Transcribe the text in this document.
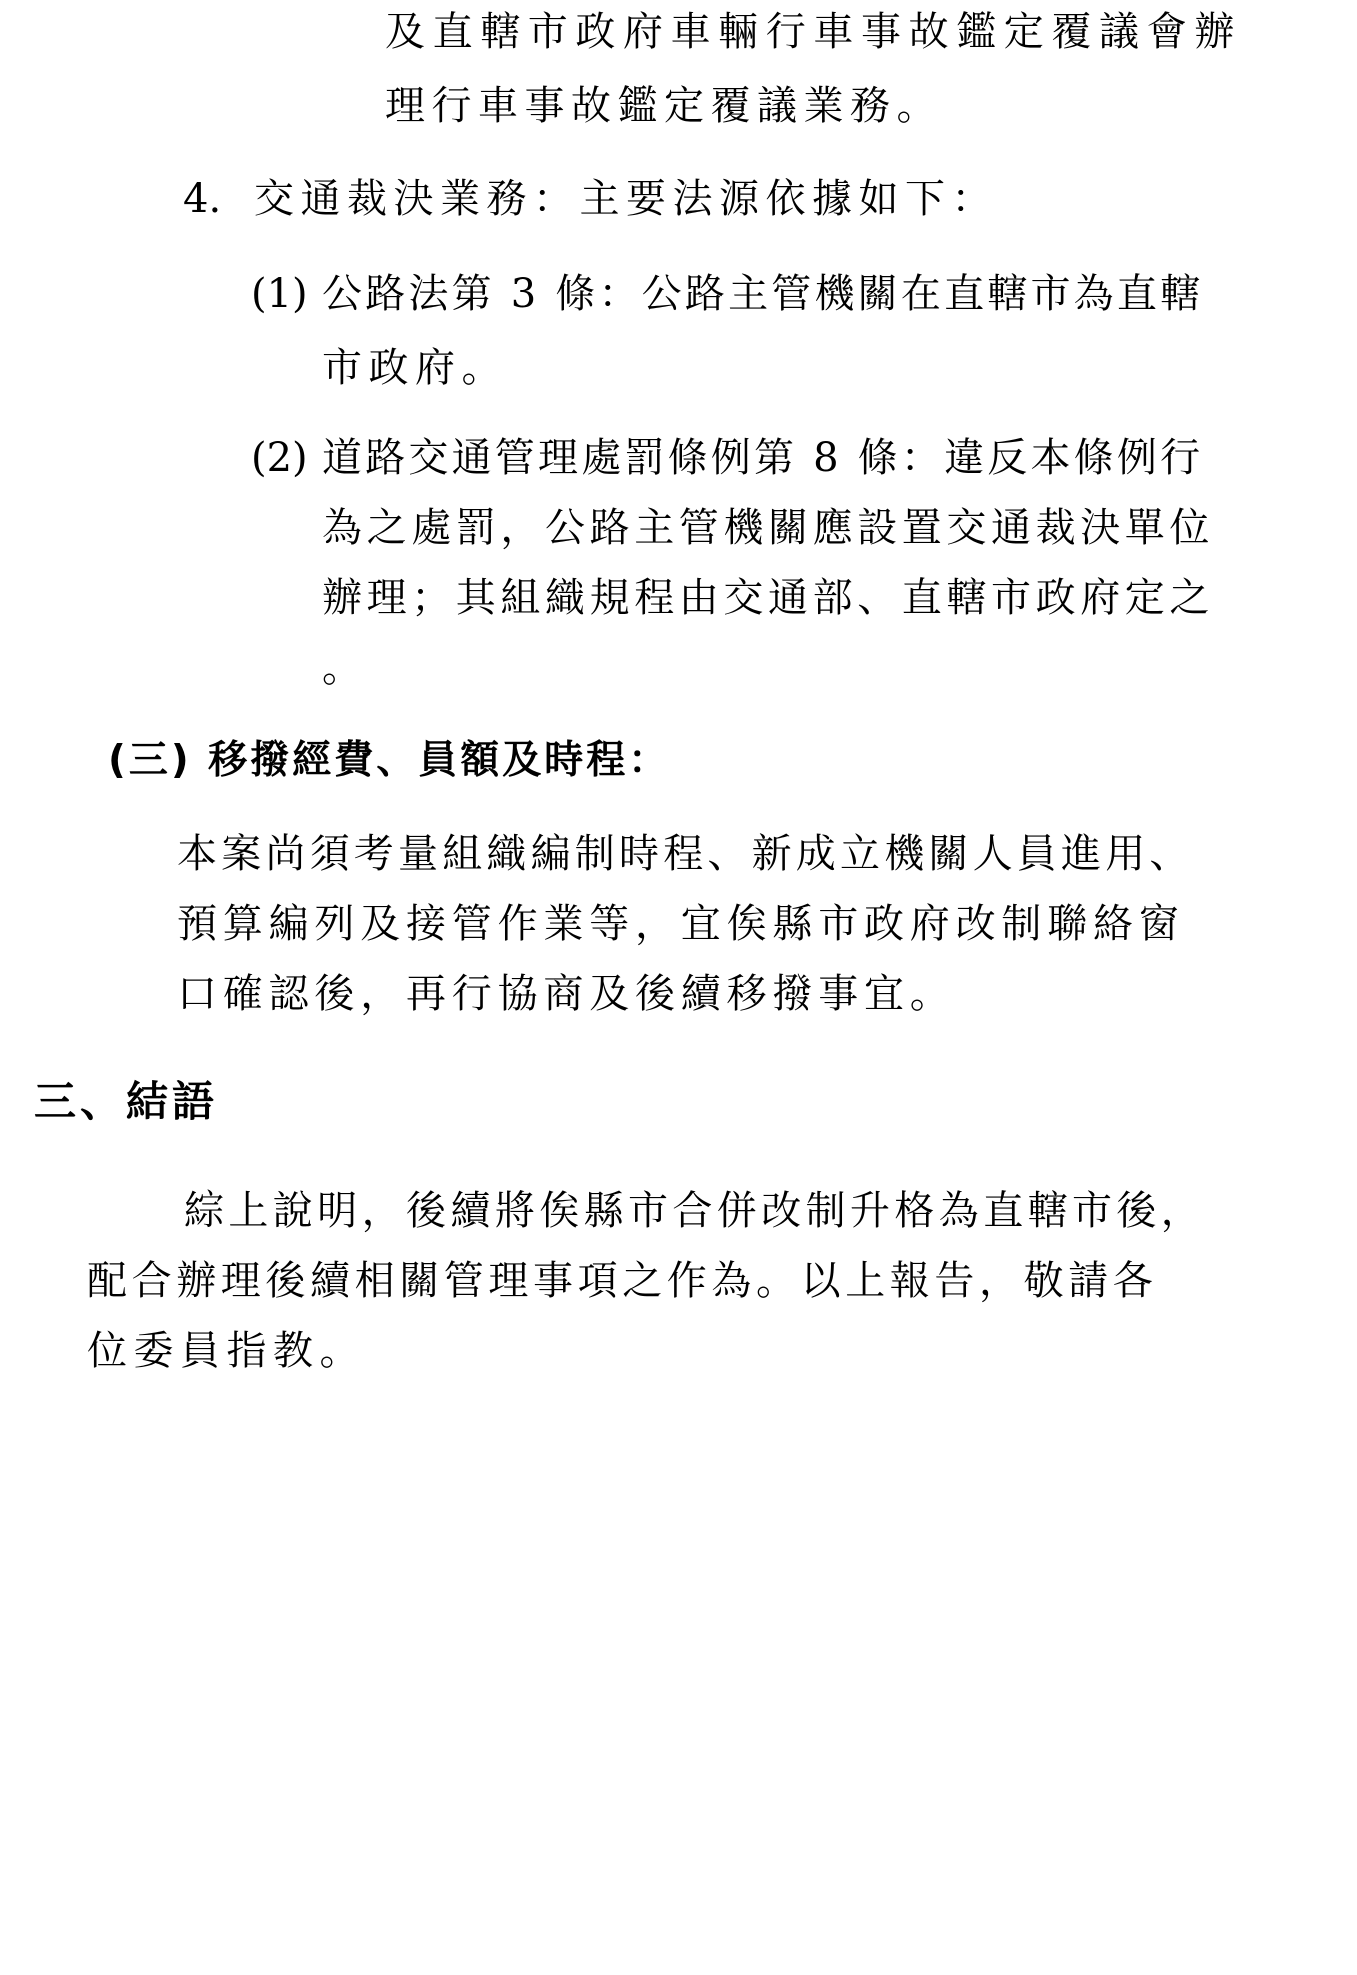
及直轄市政府車輛行車事故鑑定覆議會辦
理行車事故鑑定覆議業務。
4. 交通裁決業務：主要法源依據如下：
(1) 公路法第 3 條：公路主管機關在直轄市為直轄
市政府。
(2) 道路交通管理處罰條例第 8 條：違反本條例行
為之處罰，公路主管機關應設置交通裁決單位
辦理；其組織規程由交通部、直轄市政府定之
。
(三) 移撥經費、員額及時程：
本案尚須考量組織編制時程、新成立機關人員進用、
預算編列及接管作業等，宜俟縣市政府改制聯絡窗
口確認後，再行協商及後續移撥事宜。
三、結語
綜上說明，後續將俟縣市合併改制升格為直轄市後，
配合辦理後續相關管理事項之作為。以上報告，敬請各
位委員指教。
